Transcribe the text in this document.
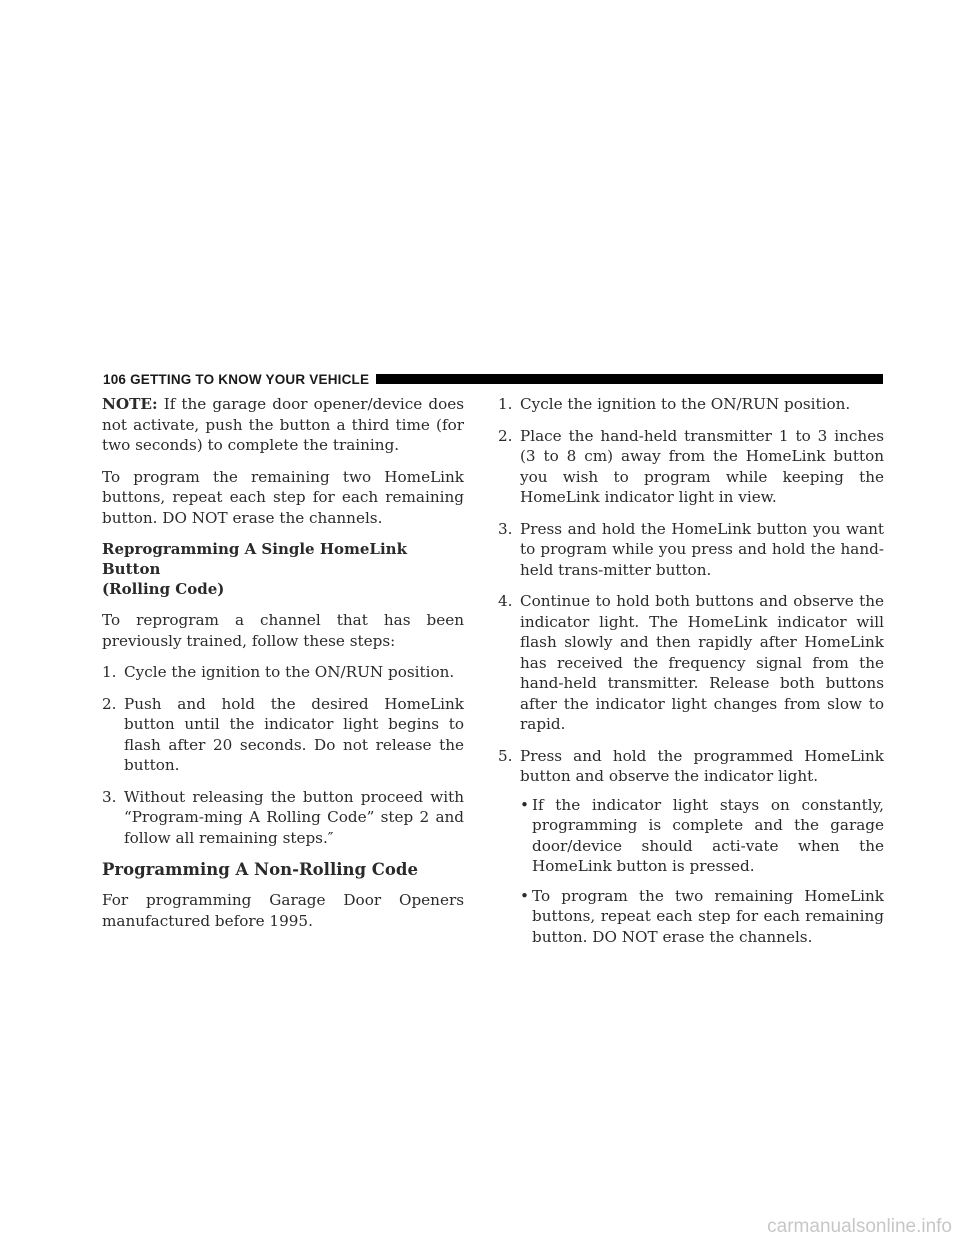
106 GETTING TO KNOW YOUR VEHICLE

NOTE: If the garage door opener/device does not activate, push the button a third time (for two seconds) to complete the training.

To program the remaining two HomeLink buttons, repeat each step for each remaining button. DO NOT erase the channels.

Reprogramming A Single HomeLink Button
(Rolling Code)

To reprogram a channel that has been previously trained, follow these steps:

1. Cycle the ignition to the ON/RUN position.
2. Push and hold the desired HomeLink button until the indicator light begins to flash after 20 seconds. Do not release the button.
3. Without releasing the button proceed with “Program-ming A Rolling Code” step 2 and follow all remaining steps.″
Programming A Non-Rolling Code

For programming Garage Door Openers manufactured before 1995.

1. Cycle the ignition to the ON/RUN position.
2. Place the hand-held transmitter 1 to 3 inches (3 to 8 cm) away from the HomeLink button you wish to program while keeping the HomeLink indicator light in view.
3. Press and hold the HomeLink button you want to program while you press and hold the hand-held trans-mitter button.
4. Continue to hold both buttons and observe the indicator light. The HomeLink indicator will flash slowly and then rapidly after HomeLink has received the frequency signal from the hand-held transmitter. Release both buttons after the indicator light changes from slow to rapid.
5. Press and hold the programmed HomeLink button and observe the indicator light.
• If the indicator light stays on constantly, programming is complete and the garage door/device should acti-vate when the HomeLink button is pressed.
• To program the two remaining HomeLink buttons, repeat each step for each remaining button. DO NOT erase the channels.
carmanualsonline.info
